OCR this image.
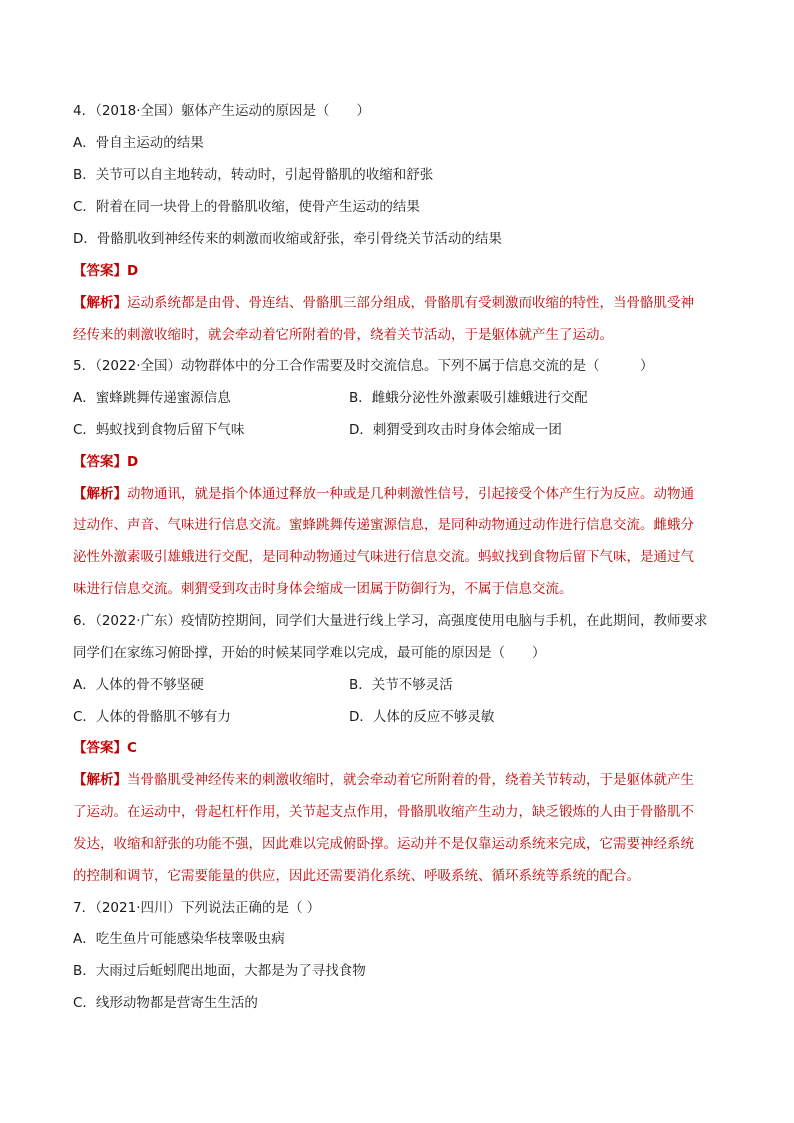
4．（2018·全国）躯体产生运动的原因是（　　）
A．骨自主运动的结果
B．关节可以自主地转动，转动时，引起骨骼肌的收缩和舒张
C．附着在同一块骨上的骨骼肌收缩，使骨产生运动的结果
D．骨骼肌收到神经传来的刺激而收缩或舒张，牵引骨绕关节活动的结果
【答案】D
【解析】运动系统都是由骨、骨连结、骨骼肌三部分组成，骨骼肌有受刺激而收缩的特性，当骨骼肌受神
经传来的刺激收缩时，就会牵动着它所附着的骨，绕着关节活动，于是躯体就产生了运动。
5．（2022·全国）动物群体中的分工合作需要及时交流信息。下列不属于信息交流的是（　　　）
A．蜜蜂跳舞传递蜜源信息	B．雌蛾分泌性外激素吸引雄蛾进行交配
C．蚂蚁找到食物后留下气味	D．刺猬受到攻击时身体会缩成一团
【答案】D
【解析】动物通讯，就是指个体通过释放一种或是几种刺激性信号，引起接受个体产生行为反应。动物通
过动作、声音、气味进行信息交流。蜜蜂跳舞传递蜜源信息，是同种动物通过动作进行信息交流。雌蛾分
泌性外激素吸引雄蛾进行交配，是同种动物通过气味进行信息交流。蚂蚁找到食物后留下气味，是通过气
味进行信息交流。刺猬受到攻击时身体会缩成一团属于防御行为，不属于信息交流。
6．（2022·广东）疫情防控期间，同学们大量进行线上学习，高强度使用电脑与手机，在此期间，教师要求
同学们在家练习俯卧撑，开始的时候某同学难以完成，最可能的原因是（　　）
A．人体的骨不够坚硬	B．关节不够灵活
C．人体的骨骼肌不够有力	D．人体的反应不够灵敏
【答案】C
【解析】当骨骼肌受神经传来的刺激收缩时，就会牵动着它所附着的骨，绕着关节转动，于是躯体就产生
了运动。在运动中，骨起杠杆作用，关节起支点作用，骨骼肌收缩产生动力，缺乏锻炼的人由于骨骼肌不
发达，收缩和舒张的功能不强，因此难以完成俯卧撑。运动并不是仅靠运动系统来完成，它需要神经系统
的控制和调节，它需要能量的供应，因此还需要消化系统、呼吸系统、循环系统等系统的配合。
7．（2021·四川）下列说法正确的是（ ）
A．吃生鱼片可能感染华枝睾吸虫病
B．大雨过后蚯蚓爬出地面，大都是为了寻找食物
C．线形动物都是营寄生生活的
